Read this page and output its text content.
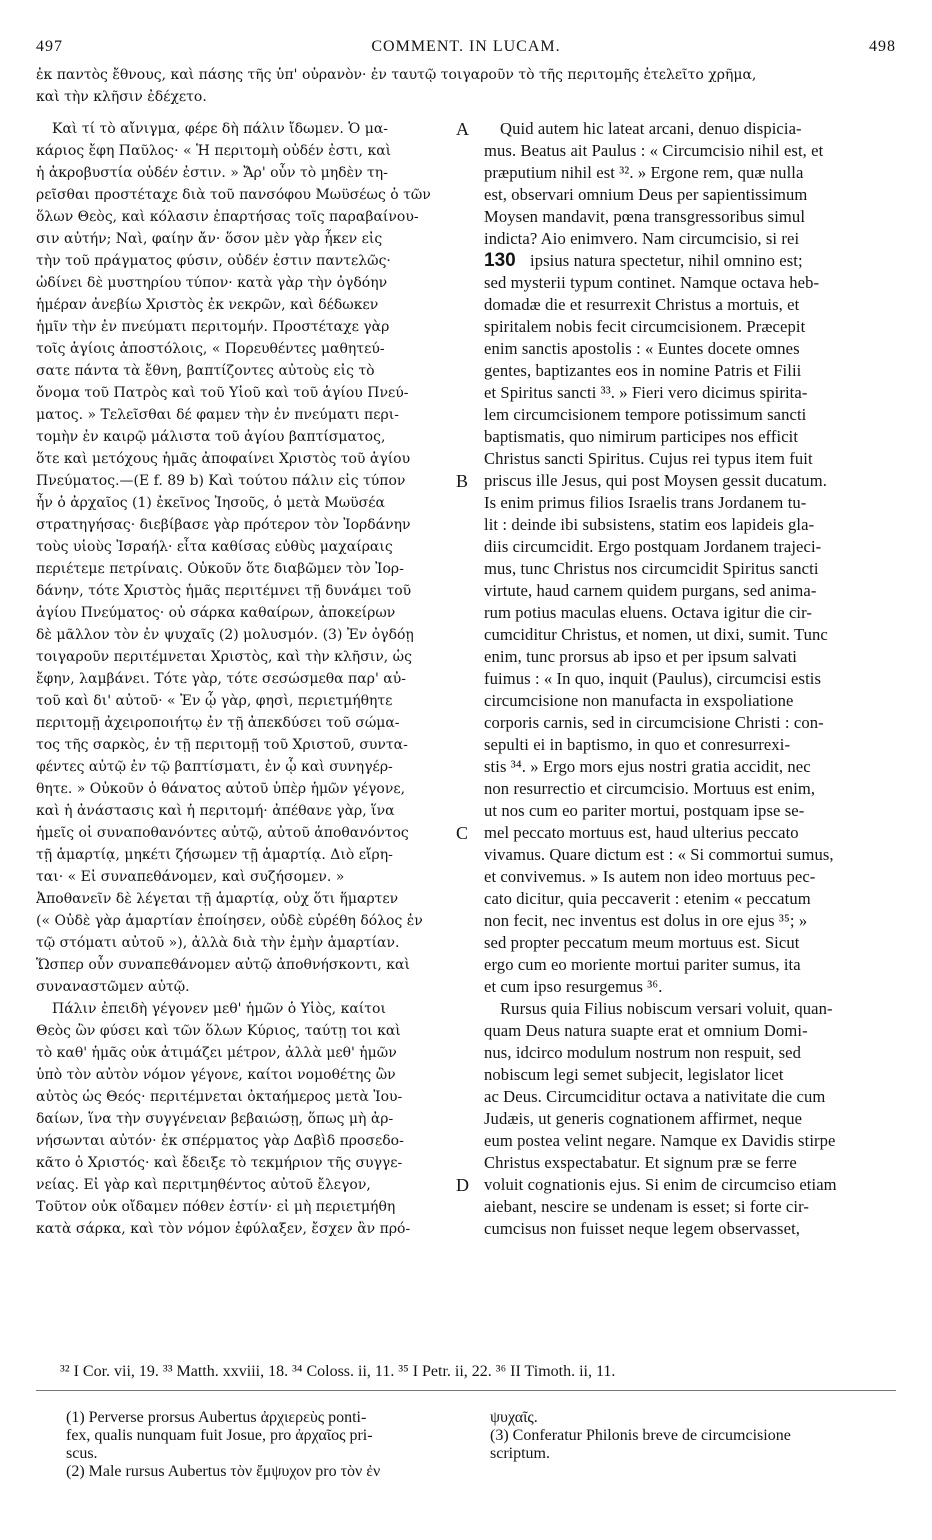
497	COMMENT. IN LUCAM.	498
ἐκ παντὸς ἔθνους, καὶ πάσης τῆς ὑπ' οὐρανὸν· ἐν ταυτῷ τοιγαροῦν τὸ τῆς περιτομῆς ἐτελεῖτο χρῆμα,
καὶ τὴν κλῆσιν ἐδέχετο.
Καὶ τί τὸ αἴνιγμα, φέρε δὴ πάλιν ἴδωμεν. Ὁ μα-
κάριος ἔφη Παῦλος· « Ἡ περιτομὴ οὐδέν ἐστι, καὶ
ἡ ἀκροβυστία οὐδέν ἐστιν. » Ἄρ' οὖν τὸ μηδὲν τη-
ρεῖσθαι προστέταχε διὰ τοῦ πανσόφου Μωϋσέως ὁ τῶν
ὅλων Θεὸς, καὶ κόλασιν ἐπαρτήσας τοῖς παραβαίνου-
σιν αὐτήν; Ναὶ, φαίην ἄν· ὅσον μὲν γὰρ ἧκεν εἰς
τὴν τοῦ πράγματος φύσιν, οὐδέν ἐστιν παντελῶς·
ὠδίνει δὲ μυστηρίου τύπον· κατὰ γὰρ τὴν ὀγδόην
ἡμέραν ἀνεβίω Χριστὸς ἐκ νεκρῶν, καὶ δέδωκεν
ἡμῖν τὴν ἐν πνεύματι περιτομήν. Προστέταχε γὰρ
τοῖς ἁγίοις ἀποστόλοις, « Πορευθέντες μαθητεύ-
σατε πάντα τὰ ἔθνη, βαπτίζοντες αὐτοὺς εἰς τὸ
ὄνομα τοῦ Πατρὸς καὶ τοῦ Υἱοῦ καὶ τοῦ ἁγίου Πνεύ-
ματος. » Τελεῖσθαι δέ φαμεν τὴν ἐν πνεύματι περι-
τομὴν ἐν καιρῷ μάλιστα τοῦ ἁγίου βαπτίσματος,
ὅτε καὶ μετόχους ἡμᾶς ἀποφαίνει Χριστὸς τοῦ ἁγίου
Πνεύματος.—(E f. 89 b) Καὶ τούτου πάλιν εἰς τύπον
ἦν ὁ ἀρχαῖος (1) ἐκεῖνος Ἰησοῦς, ὁ μετὰ Μωϋσέα
στρατηγήσας· διεβίβασε γὰρ πρότερον τὸν Ἰορδάνην
τοὺς υἱοὺς Ἰσραήλ· εἶτα καθίσας εὐθὺς μαχαίραις
περιέτεμε πετρίναις. Οὐκοῦν ὅτε διαβῶμεν τὸν Ἰορ-
δάνην, τότε Χριστὸς ἡμᾶς περιτέμνει τῇ δυνάμει τοῦ
ἁγίου Πνεύματος· οὐ σάρκα καθαίρων, ἀποκείρων
δὲ μᾶλλον τὸν ἐν ψυχαῖς (2) μολυσμόν. (3) Ἐν ὀγδόῃ
τοιγαροῦν περιτέμνεται Χριστὸς, καὶ τὴν κλῆσιν, ὡς
ἔφην, λαμβάνει. Τότε γὰρ, τότε σεσώσμεθα παρ' αὐ-
τοῦ καὶ δι' αὐτοῦ· « Ἐν ᾧ γὰρ, φησὶ, περιετμήθητε
περιτομῇ ἀχειροποιήτῳ ἐν τῇ ἀπεκδύσει τοῦ σώμα-
τος τῆς σαρκὸς, ἐν τῇ περιτομῇ τοῦ Χριστοῦ, συντα-
φέντες αὐτῷ ἐν τῷ βαπτίσματι, ἐν ᾧ καὶ συνηγέρ-
θητε. » Οὐκοῦν ὁ θάνατος αὐτοῦ ὑπὲρ ἡμῶν γέγονε,
καὶ ἡ ἀνάστασις καὶ ἡ περιτομή· ἀπέθανε γὰρ, ἵνα
ἡμεῖς οἱ συναποθανόντες αὐτῷ, αὐτοῦ ἀποθανόντος
τῇ ἁμαρτίᾳ, μηκέτι ζήσωμεν τῇ ἁμαρτίᾳ. Διὸ εἴρη-
ται· « Εἰ συναπεθάνομεν, καὶ συζήσομεν. »
Ἀποθανεῖν δὲ λέγεται τῇ ἁμαρτίᾳ, οὐχ ὅτι ἥμαρτεν
(« Οὐδὲ γὰρ ἁμαρτίαν ἐποίησεν, οὐδὲ εὑρέθη δόλος ἐν
τῷ στόματι αὐτοῦ »), ἀλλὰ διὰ τὴν ἐμὴν ἁμαρτίαν.
Ὥσπερ οὖν συναπεθάνομεν αὐτῷ ἀποθνήσκοντι, καὶ
συναναστῶμεν αὐτῷ.
Πάλιν ἐπειδὴ γέγονεν μεθ' ἡμῶν ὁ Υἱὸς, καίτοι
Θεὸς ὢν φύσει καὶ τῶν ὅλων Κύριος, ταύτῃ τοι καὶ
τὸ καθ' ἡμᾶς οὐκ ἀτιμάζει μέτρον, ἀλλὰ μεθ' ἡμῶν
ὑπὸ τὸν αὐτὸν νόμον γέγονε, καίτοι νομοθέτης ὢν
αὐτὸς ὡς Θεός· περιτέμνεται ὀκταήμερος μετὰ Ἰου-
δαίων, ἵνα τὴν συγγένειαν βεβαιώσῃ, ὅπως μὴ ἀρ-
νήσωνται αὐτόν· ἐκ σπέρματος γὰρ Δαβὶδ προσεδο-
κᾶτο ὁ Χριστός· καὶ ἔδειξε τὸ τεκμήριον τῆς συγγε-
νείας. Εἰ γὰρ καὶ περιτμηθέντος αὐτοῦ ἔλεγον,
Τοῦτον οὐκ οἴδαμεν πόθεν ἐστίν· εἰ μὴ περιετμήθη
κατὰ σάρκα, καὶ τὸν νόμον ἐφύλαξεν, ἔσχεν ἂν πρό-
Quid autem hic lateat arcani, denuo dispicia-
mus. Beatus ait Paulus : « Circumcisio nihil est, et
præputium nihil est ³². » Ergone rem, quæ nulla
est, observari omnium Deus per sapientissimum
Moysen mandavit, pœna transgressoribus simul
indicta? Aio enimvero. Nam circumcisio, si rei
ipsius natura spectetur, nihil omnino est;
sed mysterii typum continet. Namque octava heb-
domadæ die et resurrexit Christus a mortuis, et
spiritalem nobis fecit circumcisionem. Præcepit
enim sanctis apostolis : « Euntes docete omnes
gentes, baptizantes eos in nomine Patris et Filii
et Spiritus sancti ³³. » Fieri vero dicimus spirita-
lem circumcisionem tempore potissimum sancti
baptismatis, quo nimirum participes nos efficit
Christus sancti Spiritus. Cujus rei typus item fuit
priscus ille Jesus, qui post Moysen gessit ducatum.
Is enim primus filios Israelis trans Jordanem tu-
lit : deinde ibi subsistens, statim eos lapideis gla-
diis circumcidit. Ergo postquam Jordanem trajeci-
mus, tunc Christus nos circumcidit Spiritus sancti
virtute, haud carnem quidem purgans, sed anima-
rum potius maculas eluens. Octava igitur die cir-
cumciditur Christus, et nomen, ut dixi, sumit. Tunc
enim, tunc prorsus ab ipso et per ipsum salvati
fuimus : « In quo, inquit (Paulus), circumcisi estis
circumcisione non manufacta in exspoliatione
corporis carnis, sed in circumcisione Christi : con-
sepulti ei in baptismo, in quo et conresurrexi-
stis ³⁴. » Ergo mors ejus nostri gratia accidit, nec
non resurrectio et circumcisio. Mortuus est enim,
ut nos cum eo pariter mortui, postquam ipse se-
mel peccato mortuus est, haud ulterius peccato
vivamus. Quare dictum est : « Si commortui sumus,
et convivemus. » Is autem non ideo mortuus pec-
cato dicitur, quia peccaverit : etenim « peccatum
non fecit, nec inventus est dolus in ore ejus ³⁵; »
sed propter peccatum meum mortuus est. Sicut
ergo cum eo moriente mortui pariter sumus, ita
et cum ipso resurgemus ³⁶.
Rursus quia Filius nobiscum versari voluit, quan-
quam Deus natura suapte erat et omnium Domi-
nus, idcirco modulum nostrum non respuit, sed
nobiscum legi semet subjecit, legislator licet
ac Deus. Circumciditur octava a nativitate die cum
Judæis, ut generis cognationem affirmet, neque
eum postea velint negare. Namque ex Davidis stirpe
Christus exspectabatur. Et signum præ se ferre
voluit cognationis ejus. Si enim de circumciso etiam
aiebant, nescire se undenam is esset; si forte cir-
cumcisus non fuisset neque legem observasset,
130
A
B
C
D
³² I Cor. vii, 19. ³³ Matth. xxviii, 18. ³⁴ Coloss. ii, 11. ³⁵ I Petr. ii, 22. ³⁶ II Timoth. ii, 11.
(1) Perverse prorsus Aubertus ἀρχιερεὺς ponti-
fex, qualis nunquam fuit Josue, pro ἀρχαῖος pri-
scus.
(2) Male rursus Aubertus τὸν ἔμψυχον pro τὸν ἐν
ψυχαῖς.
(3) Conferatur Philonis breve de circumcisione
scriptum.
